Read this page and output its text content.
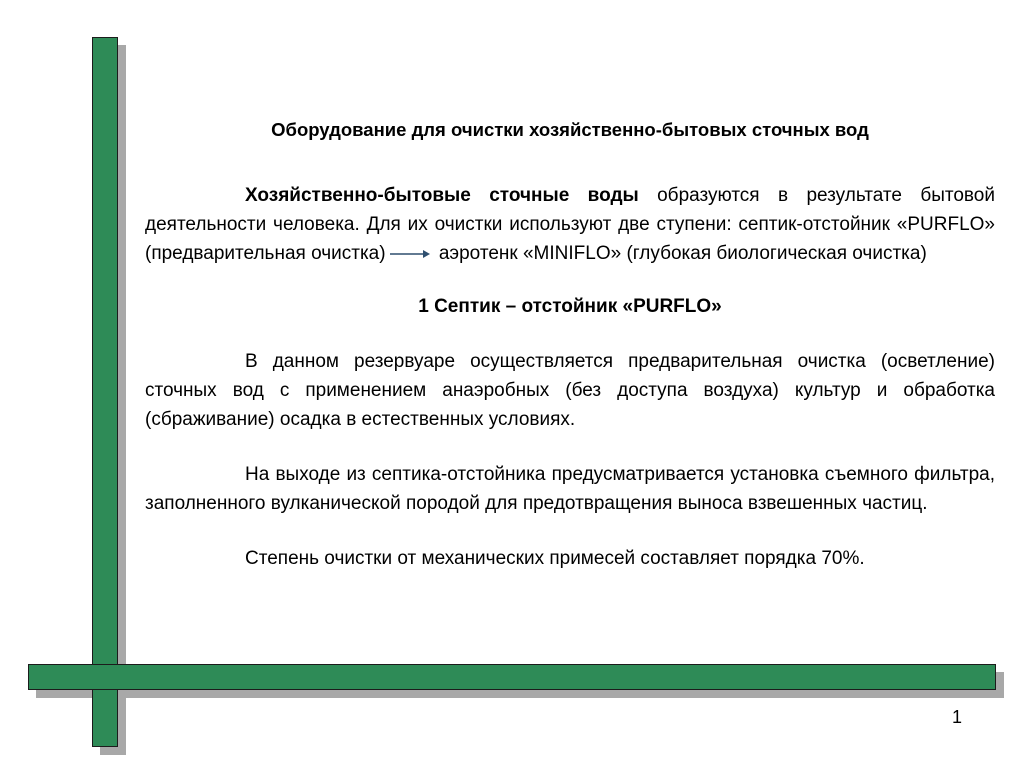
Оборудование для очистки хозяйственно-бытовых сточных вод

Хозяйственно-бытовые сточные воды образуются в результате бытовой деятельности человека. Для их очистки используют две ступени: септик-отстойник «PURFLO» (предварительная очистка)	аэротенк «MINIFLO» (глубокая биологическая очистка)

1 Септик – отстойник «PURFLO»

В данном резервуаре осуществляется предварительная очистка (осветление) сточных вод с применением анаэробных (без доступа воздуха) культур и обработка (сбраживание) осадка в естественных условиях.

На выходе из септика-отстойника предусматривается установка съемного фильтра, заполненного вулканической породой для предотвращения выноса взвешенных частиц.

Степень очистки от механических примесей составляет порядка 70%.

1
